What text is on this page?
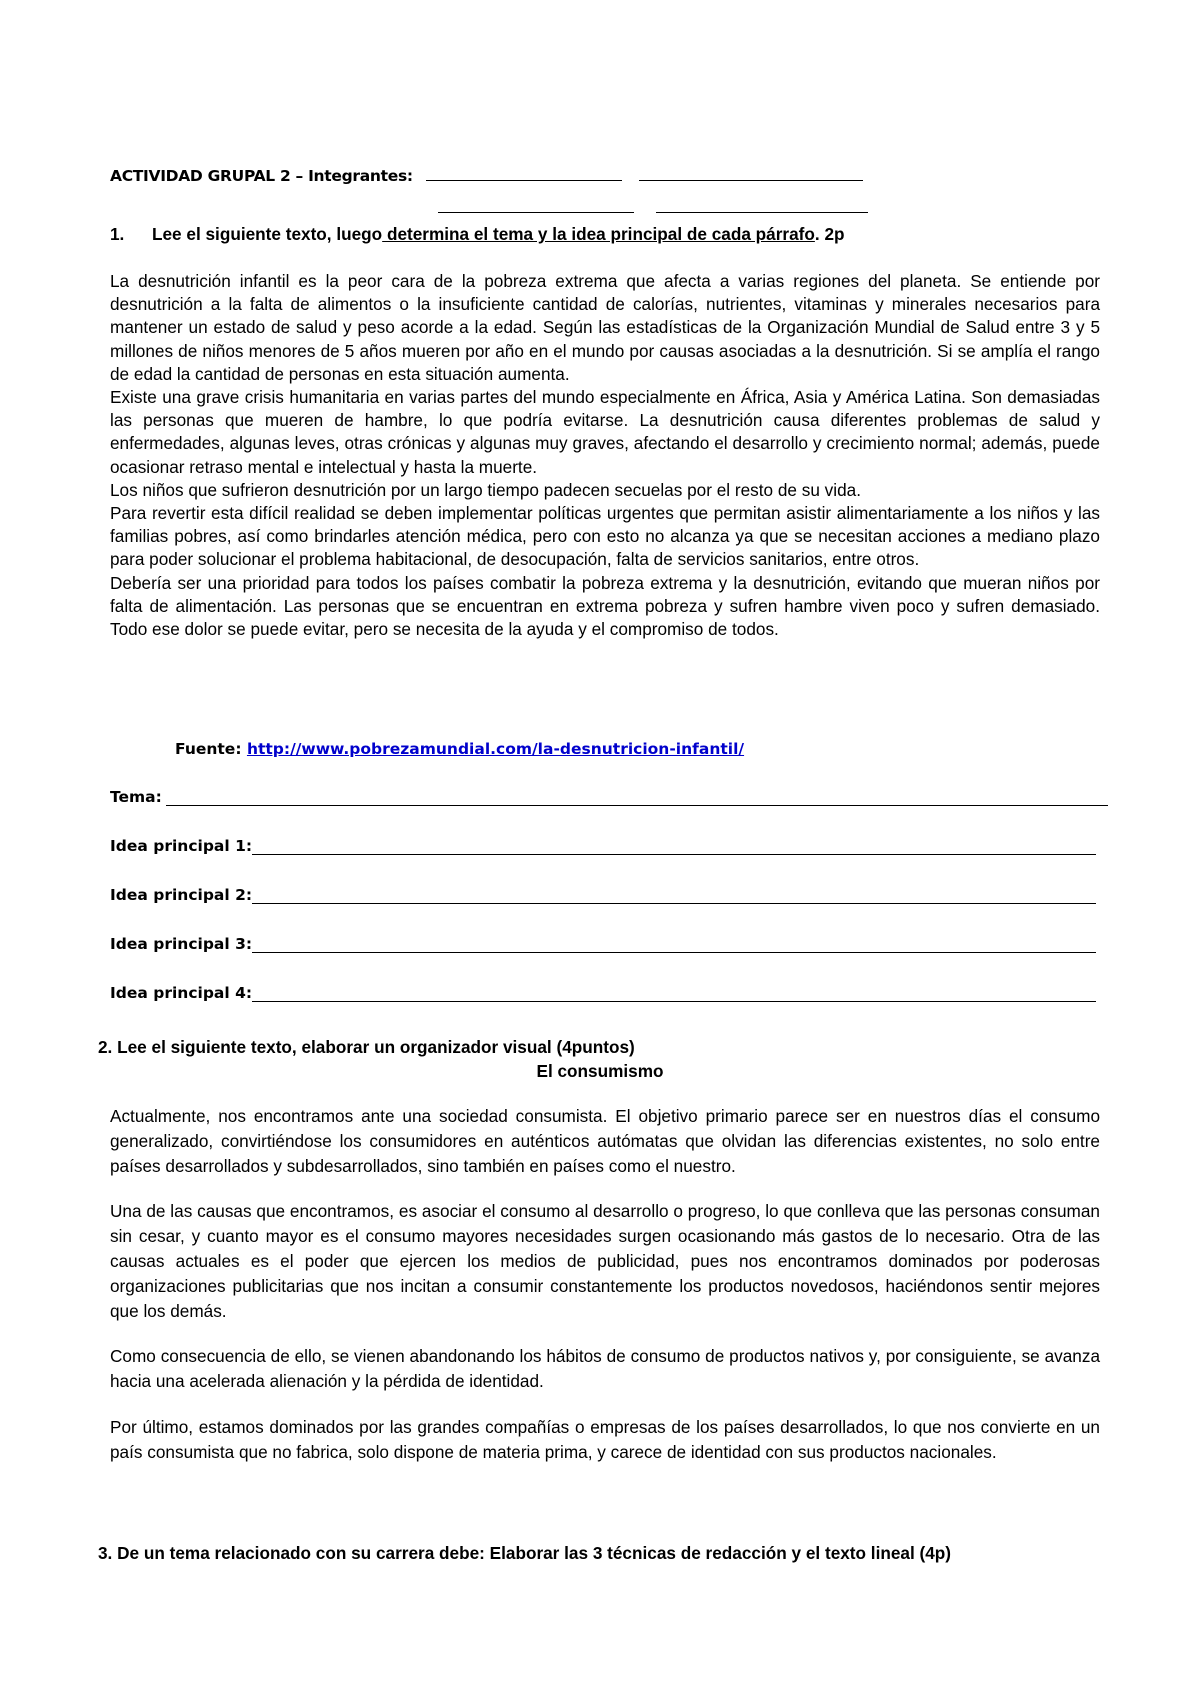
ACTIVIDAD GRUPAL 2 – Integrantes:

1. Lee el siguiente texto, luego determina el tema y la idea principal de cada párrafo. 2p

La desnutrición infantil es la peor cara de la pobreza extrema que afecta a varias regiones del planeta. Se entiende por desnutrición a la falta de alimentos o la insuficiente cantidad de calorías, nutrientes, vitaminas y minerales necesarios para mantener un estado de salud y peso acorde a la edad. Según las estadísticas de la Organización Mundial de Salud entre 3 y 5 millones de niños menores de 5 años mueren por año en el mundo por causas asociadas a la desnutrición. Si se amplía el rango de edad la cantidad de personas en esta situación aumenta.

Existe una grave crisis humanitaria en varias partes del mundo especialmente en África, Asia y América Latina. Son demasiadas las personas que mueren de hambre, lo que podría evitarse. La desnutrición causa diferentes problemas de salud y enfermedades, algunas leves, otras crónicas y algunas muy graves, afectando el desarrollo y crecimiento normal; además, puede ocasionar retraso mental e intelectual y hasta la muerte.

Los niños que sufrieron desnutrición por un largo tiempo padecen secuelas por el resto de su vida.

Para revertir esta difícil realidad se deben implementar políticas urgentes que permitan asistir alimentariamente a los niños y las familias pobres, así como brindarles atención médica, pero con esto no alcanza ya que se necesitan acciones a mediano plazo para poder solucionar el problema habitacional, de desocupación, falta de servicios sanitarios, entre otros.

Debería ser una prioridad para todos los países combatir la pobreza extrema y la desnutrición, evitando que mueran niños por falta de alimentación. Las personas que se encuentran en extrema pobreza y sufren hambre viven poco y sufren demasiado. Todo ese dolor se puede evitar, pero se necesita de la ayuda y el compromiso de todos.

Fuente: http://www.pobrezamundial.com/la-desnutricion-infantil/
Tema:
Idea principal 1:
Idea principal 2:
Idea principal 3:
Idea principal 4:
2. Lee el siguiente texto, elaborar un organizador visual (4puntos)
El consumismo

Actualmente, nos encontramos ante una sociedad consumista. El objetivo primario parece ser en nuestros días el consumo generalizado, convirtiéndose los consumidores en auténticos autómatas que olvidan las diferencias existentes, no solo entre países desarrollados y subdesarrollados, sino también en países como el nuestro.

Una de las causas que encontramos, es asociar el consumo al desarrollo o progreso, lo que conlleva que las personas consuman sin cesar, y cuanto mayor es el consumo mayores necesidades surgen ocasionando más gastos de lo necesario. Otra de las causas actuales es el poder que ejercen los medios de publicidad, pues nos encontramos dominados por poderosas organizaciones publicitarias que nos incitan a consumir constantemente los productos novedosos, haciéndonos sentir mejores que los demás.

Como consecuencia de ello, se vienen abandonando los hábitos de consumo de productos nativos y, por consiguiente, se avanza hacia una acelerada alienación y la pérdida de identidad.

Por último, estamos dominados por las grandes compañías o empresas de los países desarrollados, lo que nos convierte en un país consumista que no fabrica, solo dispone de materia prima, y carece de identidad con sus productos nacionales.

3. De un tema relacionado con su carrera debe: Elaborar las 3 técnicas de redacción y el texto lineal (4p)
